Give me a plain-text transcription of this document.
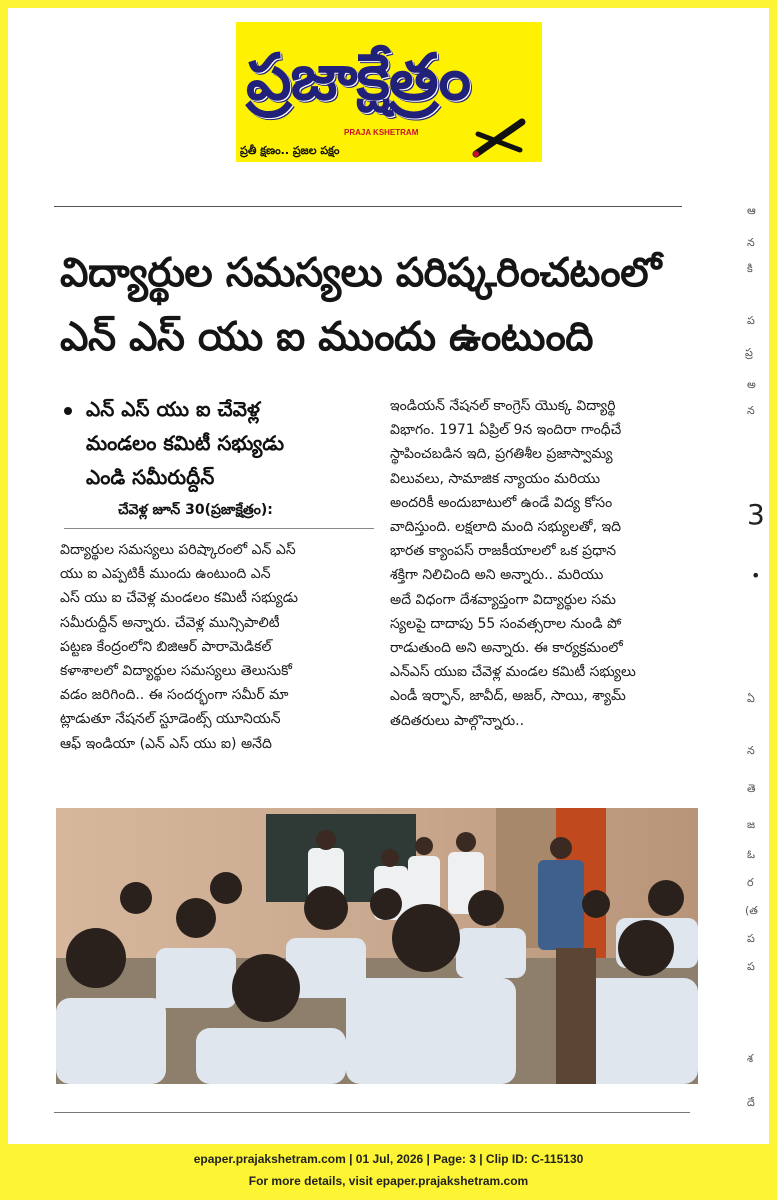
ప్రజాక్షేత్రం
PRAJA KSHETRAM
ప్రతీ క్షణం.. ప్రజల పక్షం
విద్యార్థుల సమస్యలు పరిష్కరించటంలో
ఎన్ ఎస్ యు ఐ ముందు ఉంటుంది
ఎన్ ఎస్ యు ఐ చేవెళ్ల
మండలం కమిటీ సభ్యుడు
ఎండి సమీరుద్దీన్
చేవెళ్ల జూన్ 30(ప్రజాక్షేత్రం):
విద్యార్థుల సమస్యలు పరిష్కారంలో ఎన్ ఎస్
యు ఐ ఎప్పటికీ ముందు ఉంటుంది ఎన్
ఎస్ యు ఐ చేవెళ్ల మండలం కమిటీ సభ్యుడు
సమీరుద్దీన్ అన్నారు. చేవెళ్ల మున్సిపాలిటీ
పట్టణ కేంద్రంలోని బిజిఆర్ పారామెడికల్
కళాశాలలో విద్యార్థుల సమస్యలు తెలుసుకో
వడం జరిగింది.. ఈ సందర్భంగా సమీర్ మా
ట్లాడుతూ నేషనల్ స్టూడెంట్స్ యూనియన్
ఆఫ్ ఇండియా (ఎన్ ఎస్ యు ఐ) అనేది
ఇండియన్ నేషనల్ కాంగ్రెస్ యొక్క విద్యార్థి
విభాగం. 1971 ఏప్రిల్ 9న ఇందిరా గాంధీచే
స్థాపించబడిన ఇది, ప్రగతిశీల ప్రజాస్వామ్య
విలువలు, సామాజిక న్యాయం మరియు
అందరికీ అందుబాటులో ఉండే విద్య కోసం
వాదిస్తుంది. లక్షలాది మంది సభ్యులతో, ఇది
భారత క్యాంపస్ రాజకీయాలలో ఒక ప్రధాన
శక్తిగా నిలిచింది అని అన్నారు.. మరియు
అదే విధంగా దేశవ్యాప్తంగా విద్యార్థుల సమ
స్యలపై దాదాపు 55 సంవత్సరాల నుండి పో
రాడుతుంది అని అన్నారు. ఈ కార్యక్రమంలో
ఎన్ఎస్ యుఐ చేవెళ్ల మండల కమిటీ సభ్యులు
ఎండీ ఇర్ఫాన్, జావీద్, అజర్, సాయి, శ్యామ్
తదితరులు పాల్గొన్నారు..
ఆ
న
కి
ప
అ
ప్ర
న
3
•
ఏ
న
తె
జ
ఓ
ర
(త
ప
ప
శ
దే
epaper.prajakshetram.com | 01 Jul, 2026 | Page: 3 | Clip ID: C-115130
For more details, visit epaper.prajakshetram.com
